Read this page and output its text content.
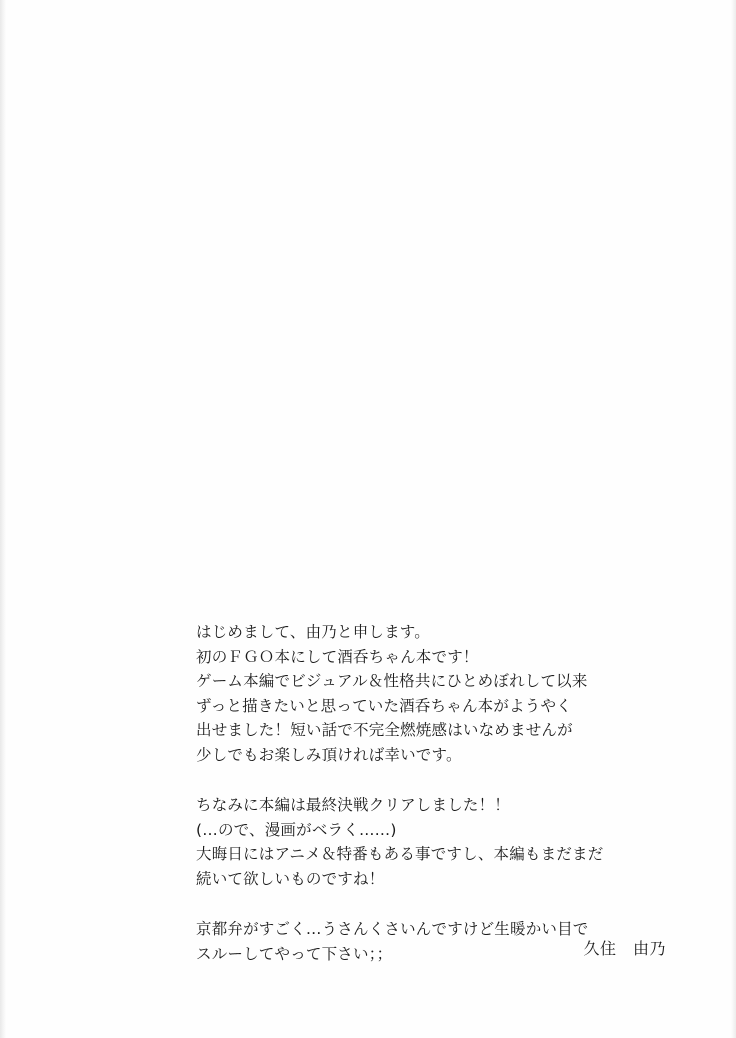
はじめまして、由乃と申します。
初のＦＧＯ本にして酒呑ちゃん本です！
ゲーム本編でビジュアル＆性格共にひとめぼれして以来
ずっと描きたいと思っていた酒呑ちゃん本がようやく
出せました！短い話で不完全燃焼感はいなめませんが
少しでもお楽しみ頂ければ幸いです。
ちなみに本編は最終決戦クリアしました！！
(…ので、漫画がベラく……)
大晦日にはアニメ＆特番もある事ですし、本編もまだまだ
続いて欲しいものですね！
京都弁がすごく…うさんくさいんですけど生暖かい目で
スルーしてやって下さい；；	久住　由乃
